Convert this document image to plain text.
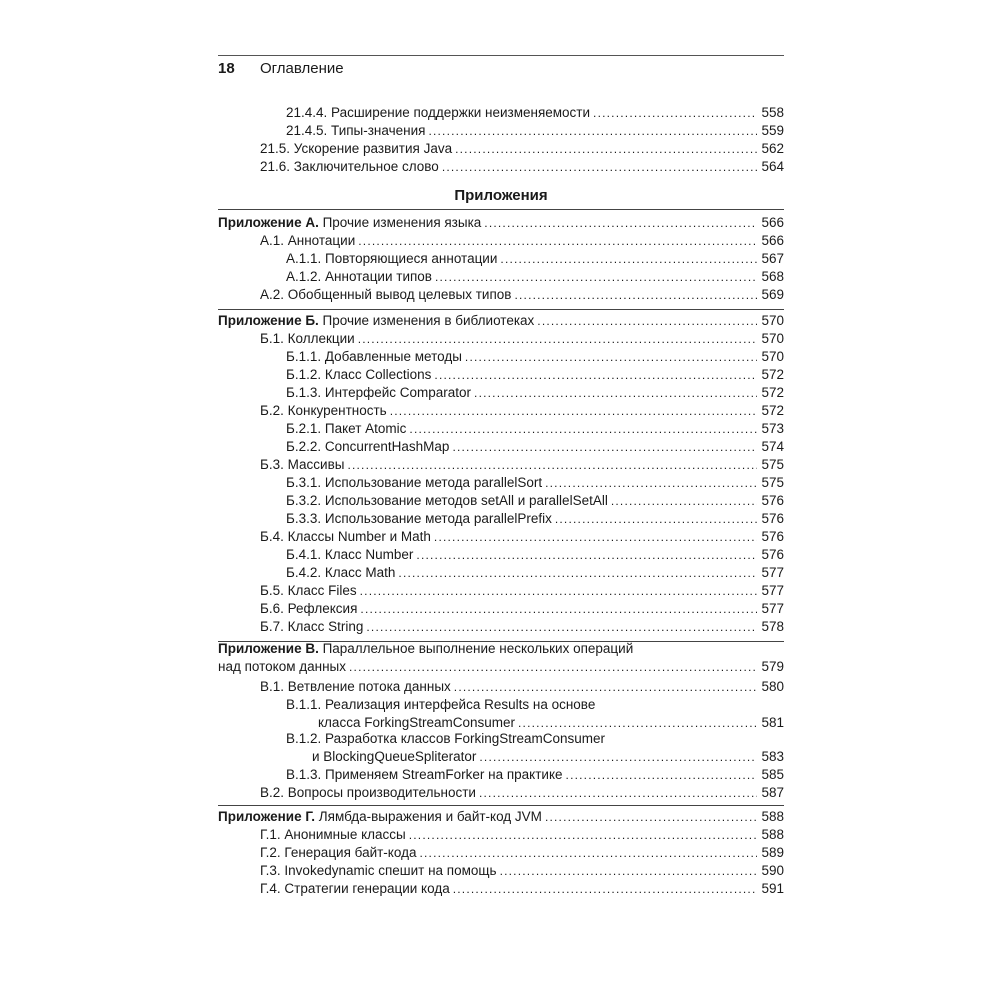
18 Оглавление
Приложения
21.4.4. Расширение поддержки неизменяемости .....	558
21.4.5. Типы-значения .....	559
21.5. Ускорение развития Java .....	562
21.6. Заключительное слово .....	564
Приложение А. Прочие изменения языка .....	566
А.1. Аннотации .....	566
А.1.1. Повторяющиеся аннотации .....	567
А.1.2. Аннотации типов .....	568
А.2. Обобщенный вывод целевых типов .....	569
Приложение Б. Прочие изменения в библиотеках .....	570
Б.1. Коллекции .....	570
Б.1.1. Добавленные методы .....	570
Б.1.2. Класс Collections .....	572
Б.1.3. Интерфейс Comparator .....	572
Б.2. Конкурентность .....	572
Б.2.1. Пакет Atomic .....	573
Б.2.2. ConcurrentHashMap .....	574
Б.3. Массивы .....	575
Б.3.1. Использование метода parallelSort .....	575
Б.3.2. Использование методов setAll и parallelSetAll .....	576
Б.3.3. Использование метода parallelPrefix .....	576
Б.4. Классы Number и Math .....	576
Б.4.1. Класс Number .....	576
Б.4.2. Класс Math .....	577
Б.5. Класс Files .....	577
Б.6. Рефлексия .....	577
Б.7. Класс String .....	578
Приложение В. Параллельное выполнение нескольких операций
над потоком данных .....	579
В.1. Ветвление потока данных .....	580
В.1.1. Реализация интерфейса Results на основе
класса ForkingStreamConsumer .....	581
В.1.2. Разработка классов ForkingStreamConsumer
и BlockingQueueSpliterator .....	583
В.1.3. Применяем StreamForker на практике .....	585
В.2. Вопросы производительности .....	587
Приложение Г. Лямбда-выражения и байт-код JVM .....	588
Г.1. Анонимные классы .....	588
Г.2. Генерация байт-кода .....	589
Г.3. Invokedynamic спешит на помощь .....	590
Г.4. Стратегии генерации кода .....	591
